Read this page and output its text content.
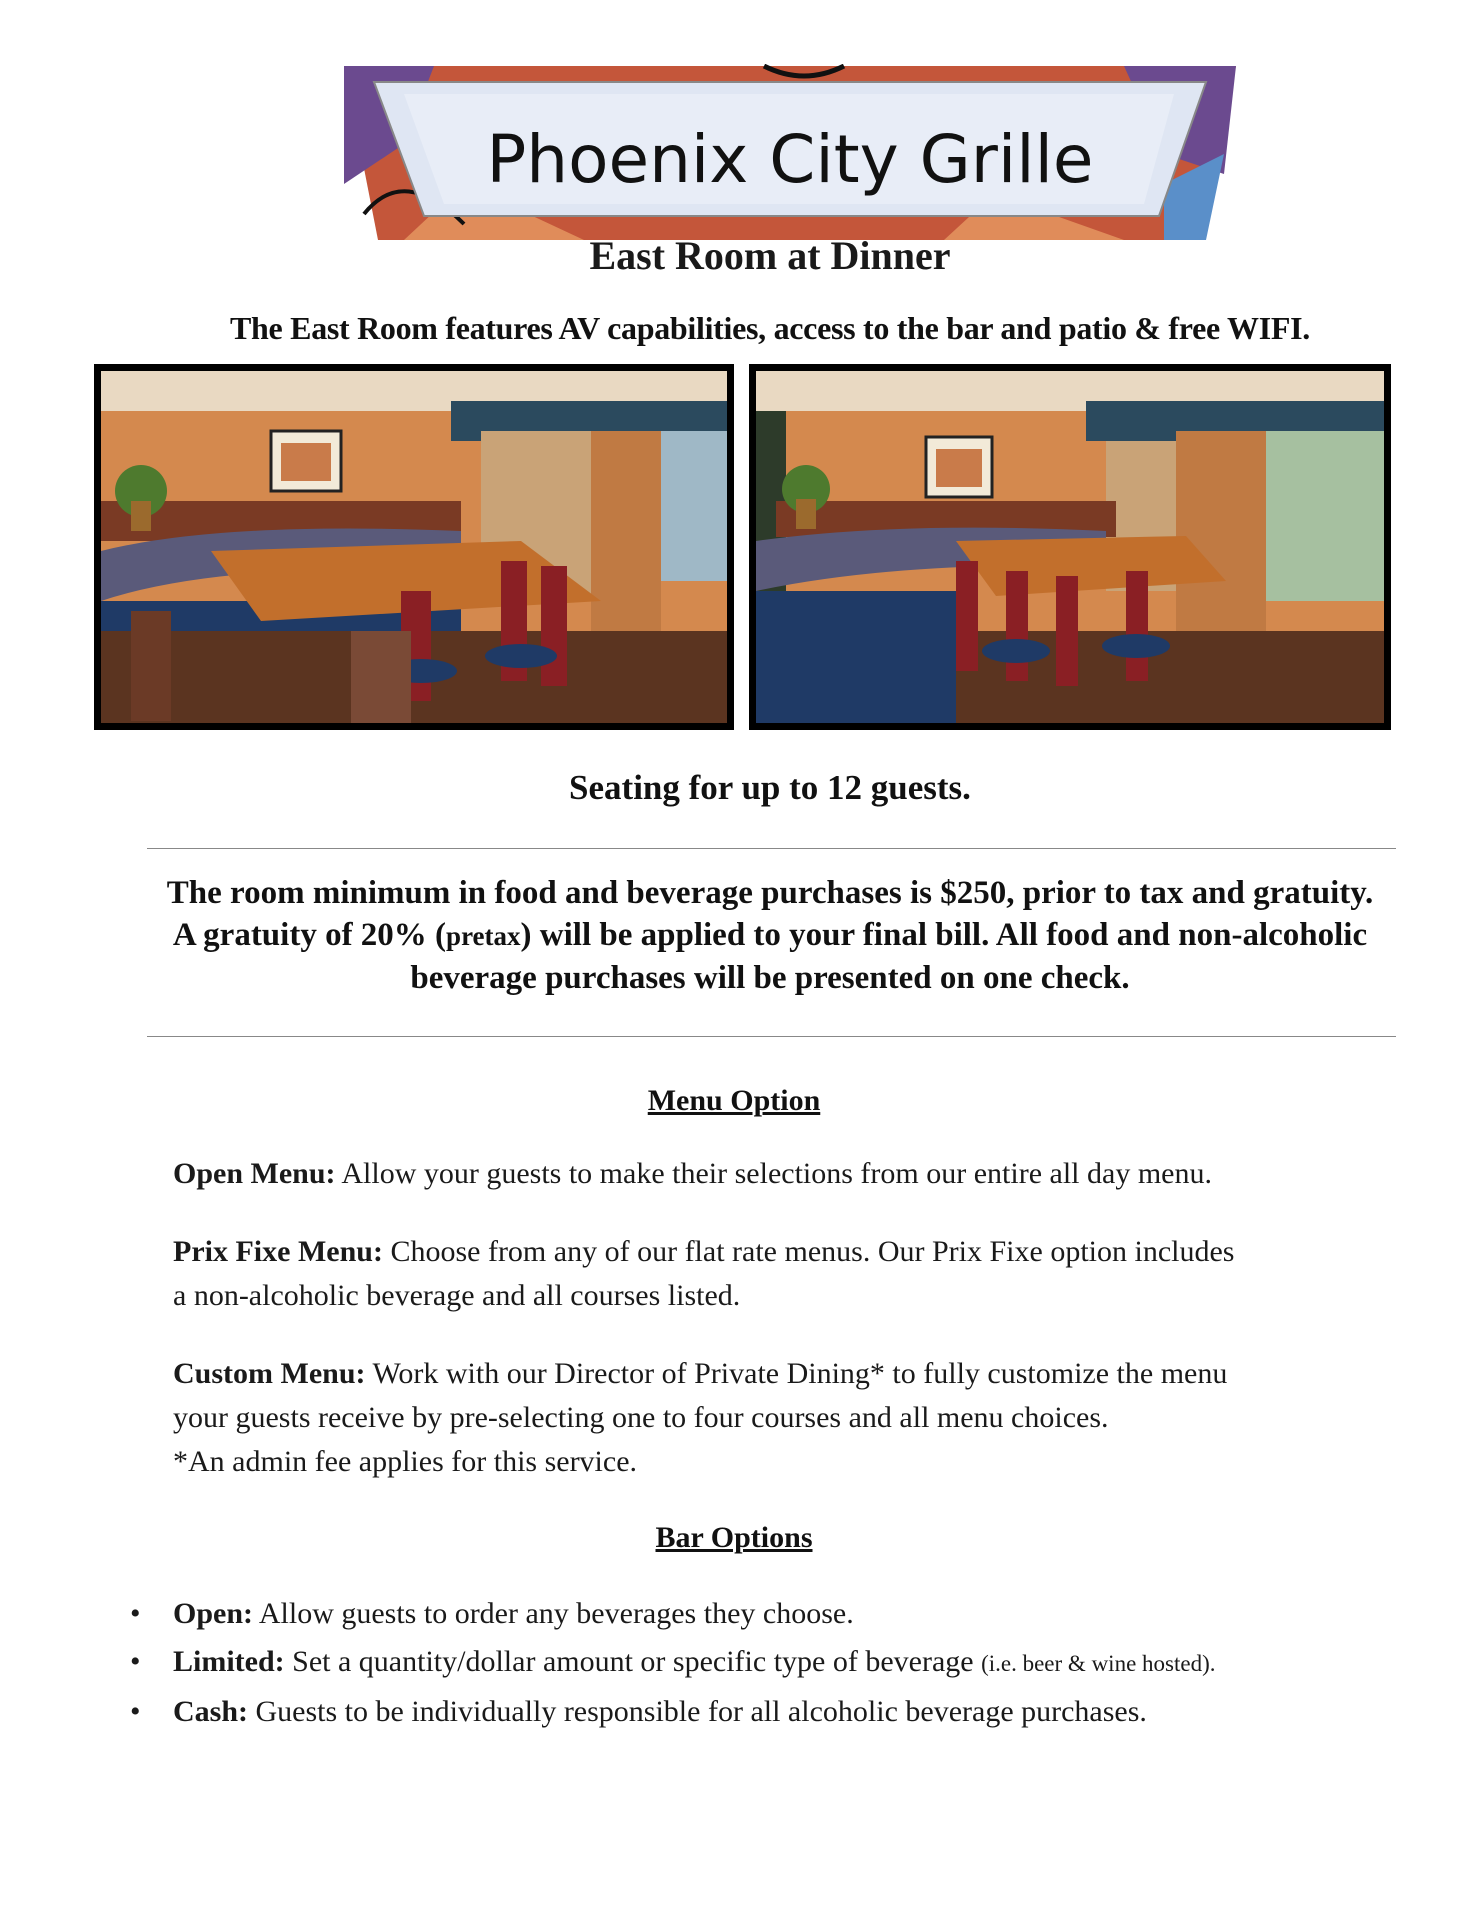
Phoenix City Grille
East Room at Dinner
The East Room features AV capabilities, access to the bar and patio & free WIFI.
Seating for up to 12 guests.
The room minimum in food and beverage purchases is $250, prior to tax and gratuity.
A gratuity of 20% (pretax) will be applied to your final bill. All food and non-alcoholic
beverage purchases will be presented on one check.
Menu Option
Open Menu: Allow your guests to make their selections from our entire all day menu.
Prix Fixe Menu: Choose from any of our flat rate menus. Our Prix Fixe option includes
a non-alcoholic beverage and all courses listed.
Custom Menu: Work with our Director of Private Dining* to fully customize the menu
your guests receive by pre-selecting one to four courses and all menu choices.
*An admin fee applies for this service.
Bar Options
• Open: Allow guests to order any beverages they choose.
• Limited: Set a quantity/dollar amount or specific type of beverage (i.e. beer & wine hosted).
• Cash: Guests to be individually responsible for all alcoholic beverage purchases.
